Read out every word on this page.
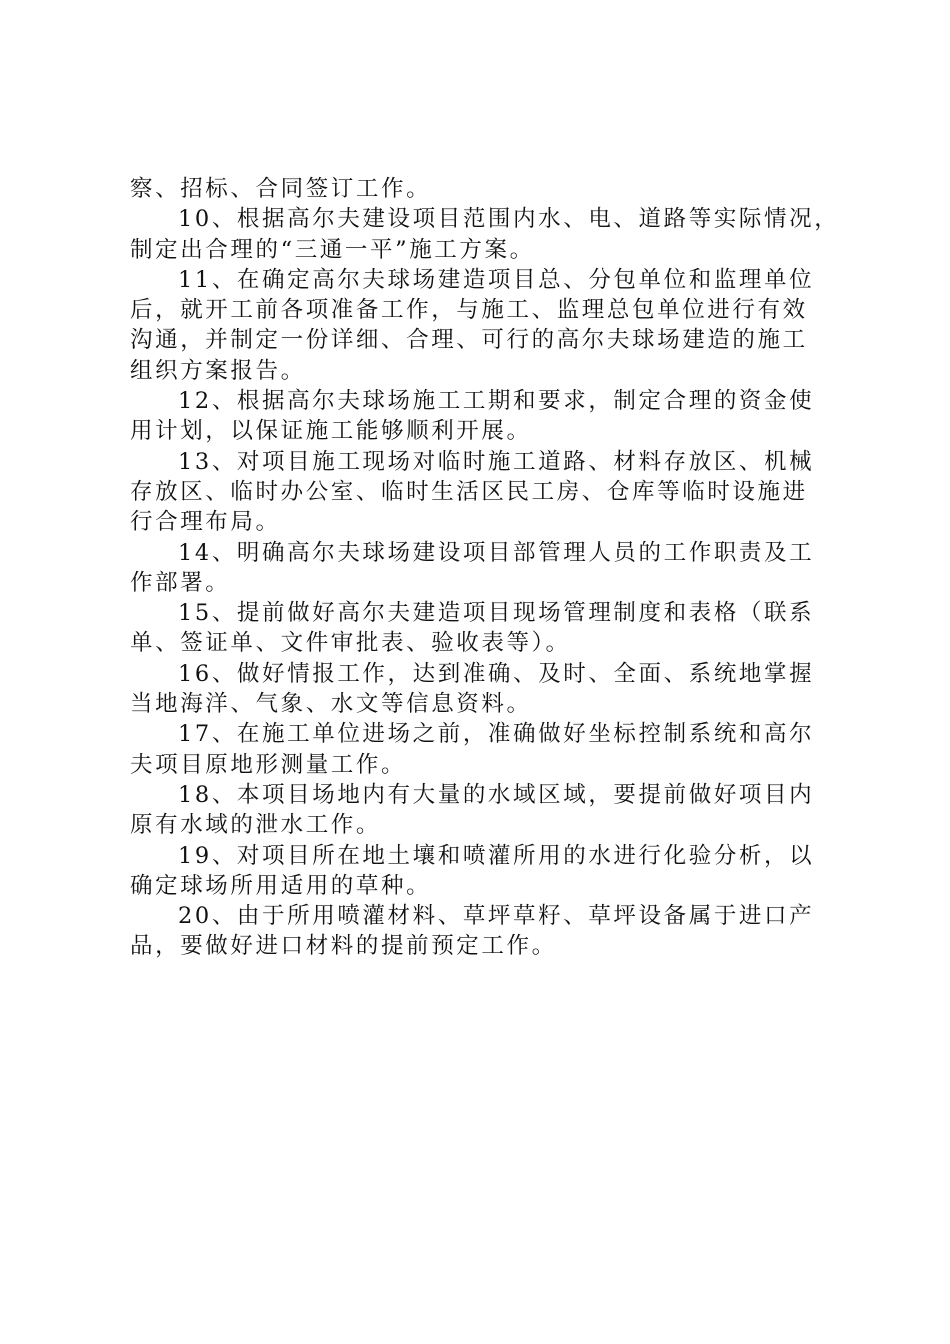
察、招标、合同签订工作。

10、根据高尔夫建设项目范围内水、电、道路等实际情况，
制定出合理的“三通一平”施工方案。

11、在确定高尔夫球场建造项目总、分包单位和监理单位
后，就开工前各项准备工作，与施工、监理总包单位进行有效
沟通，并制定一份详细、合理、可行的高尔夫球场建造的施工
组织方案报告。

12、根据高尔夫球场施工工期和要求，制定合理的资金使
用计划，以保证施工能够顺利开展。

13、对项目施工现场对临时施工道路、材料存放区、机械
存放区、临时办公室、临时生活区民工房、仓库等临时设施进
行合理布局。

14、明确高尔夫球场建设项目部管理人员的工作职责及工
作部署。

15、提前做好高尔夫建造项目现场管理制度和表格（联系
单、签证单、文件审批表、验收表等）。

16、做好情报工作，达到准确、及时、全面、系统地掌握
当地海洋、气象、水文等信息资料。

17、在施工单位进场之前，准确做好坐标控制系统和高尔
夫项目原地形测量工作。

18、本项目场地内有大量的水域区域，要提前做好项目内
原有水域的泄水工作。

19、对项目所在地土壤和喷灌所用的水进行化验分析，以
确定球场所用适用的草种。

20、由于所用喷灌材料、草坪草籽、草坪设备属于进口产
品，要做好进口材料的提前预定工作。
